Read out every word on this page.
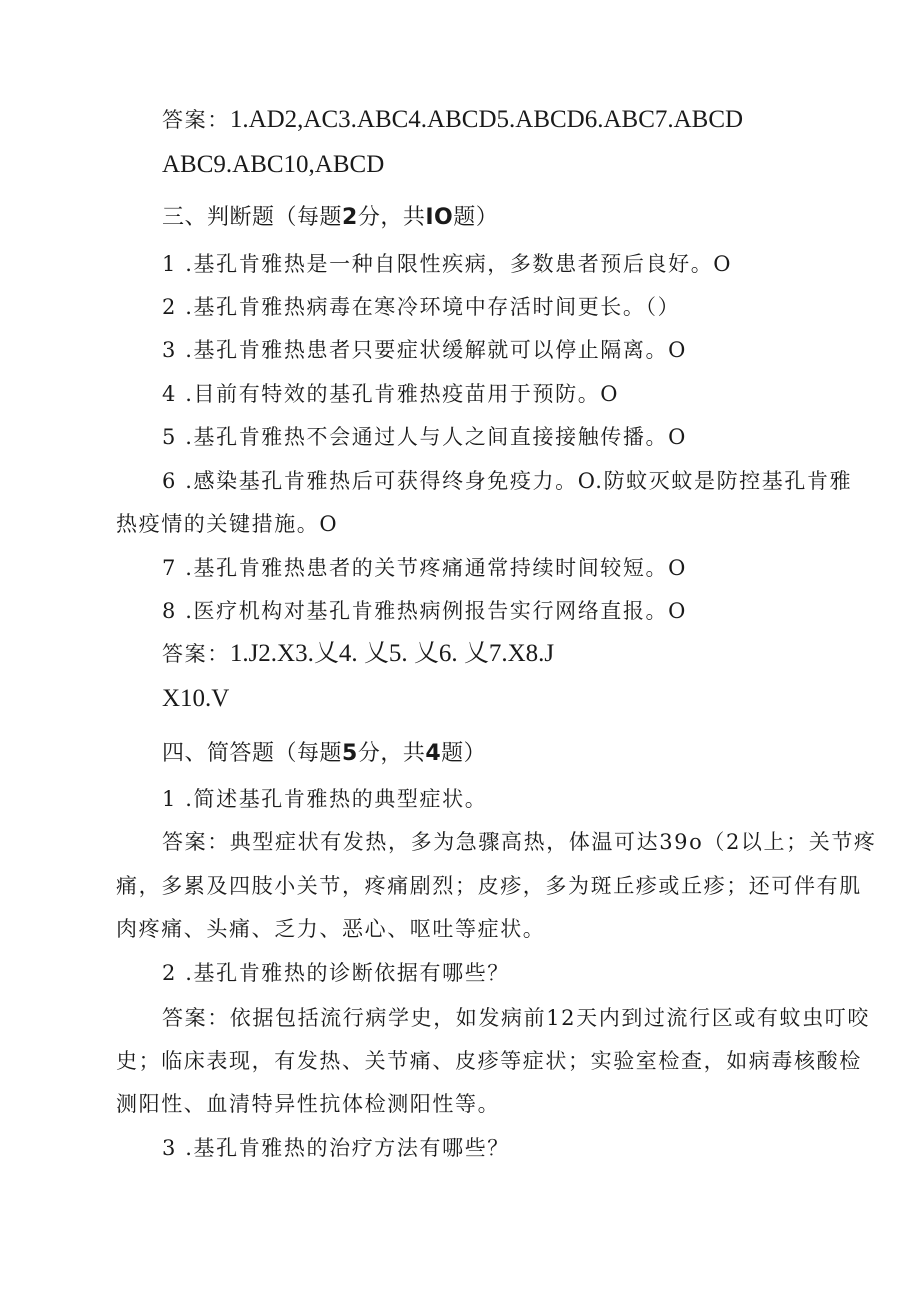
答案：1.AD2,AC3.ABC4.ABCD5.ABCD6.ABC7.ABCD
ABC9.ABC10,ABCD
三、判断题（每题2分，共IO题）
1 .基孔肯雅热是一种自限性疾病，多数患者预后良好。O
2 .基孔肯雅热病毒在寒冷环境中存活时间更长。（）
3 .基孔肯雅热患者只要症状缓解就可以停止隔离。O
4 .目前有特效的基孔肯雅热疫苗用于预防。O
5 .基孔肯雅热不会通过人与人之间直接接触传播。O
6 .感染基孔肯雅热后可获得终身免疫力。O.防蚊灭蚊是防控基孔肯雅
热疫情的关键措施。O
7 .基孔肯雅热患者的关节疼痛通常持续时间较短。O
8 .医疗机构对基孔肯雅热病例报告实行网络直报。O
答案：1.J2.X3.乂4. 乂5. 乂6. 乂7.X8.J
X10.V
四、简答题（每题5分，共4题）
1 .简述基孔肯雅热的典型症状。
答案：典型症状有发热，多为急骤高热，体温可达39o（2以上；关节疼
痛，多累及四肢小关节，疼痛剧烈；皮疹，多为斑丘疹或丘疹；还可伴有肌
肉疼痛、头痛、乏力、恶心、呕吐等症状。
2 .基孔肯雅热的诊断依据有哪些？
答案：依据包括流行病学史，如发病前12天内到过流行区或有蚊虫叮咬
史；临床表现，有发热、关节痛、皮疹等症状；实验室检查，如病毒核酸检
测阳性、血清特异性抗体检测阳性等。
3 .基孔肯雅热的治疗方法有哪些？
